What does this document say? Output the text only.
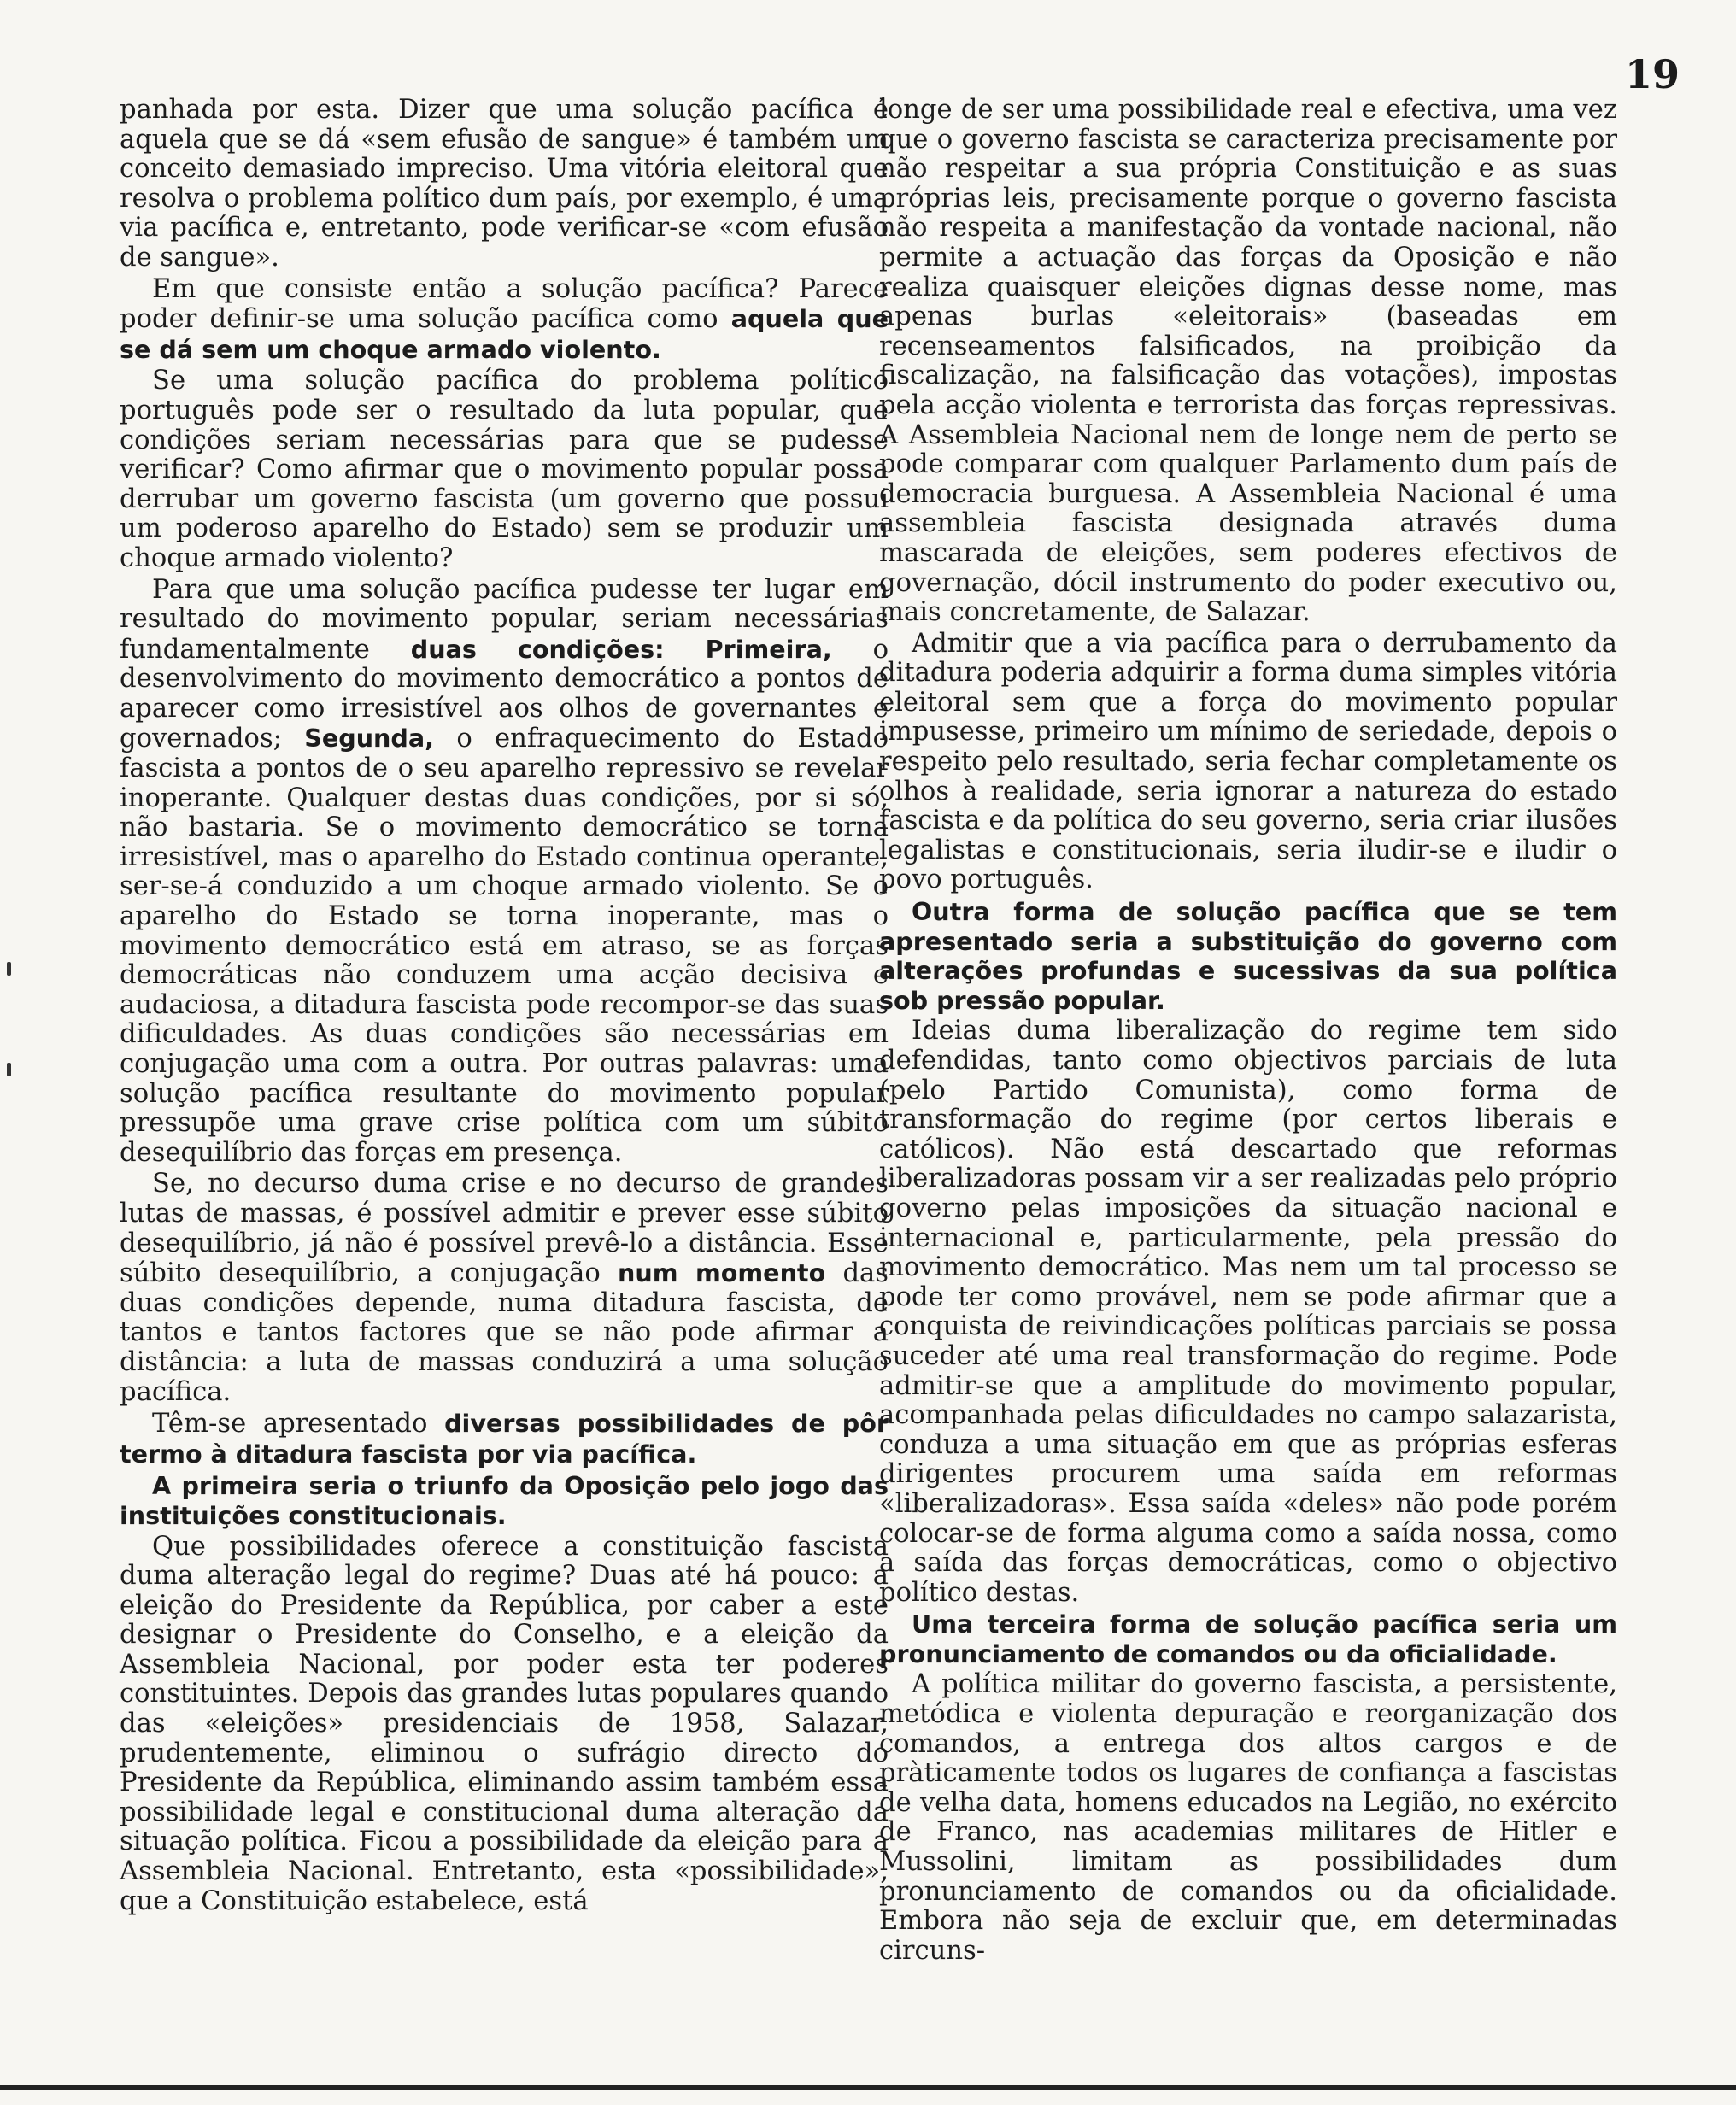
19

panhada por esta. Dizer que uma solução pacífica é aquela que se dá «sem efusão de sangue» é também um conceito demasiado impreciso. Uma vitória eleitoral que resolva o problema político dum país, por exemplo, é uma via pacífica e, entretanto, pode verificar-se «com efusão de sangue».

Em que consiste então a solução pacífica? Parece poder definir-se uma solução pacífica como aquela que se dá sem um choque armado violento.

Se uma solução pacífica do problema político português pode ser o resultado da luta popular, que condições seriam necessárias para que se pudesse verificar? Como afirmar que o movimento popular possa derrubar um governo fascista (um governo que possui um poderoso aparelho do Estado) sem se produzir um choque armado violento?

Para que uma solução pacífica pudesse ter lugar em resultado do movimento popular, seriam necessárias fundamentalmente duas condições: Primeira, o desenvolvimento do movimento democrático a pontos de aparecer como irresistível aos olhos de governantes e governados; Segunda, o enfraquecimento do Estado fascista a pontos de o seu aparelho repressivo se revelar inoperante. Qualquer destas duas condições, por si só, não bastaria. Se o movimento democrático se torna irresistível, mas o aparelho do Estado continua operante, ser-se-á conduzido a um choque armado violento. Se o aparelho do Estado se torna inoperante, mas o movimento democrático está em atraso, se as forças democráticas não conduzem uma acção decisiva e audaciosa, a ditadura fascista pode recompor-se das suas dificuldades. As duas condições são necessárias em conjugação uma com a outra. Por outras palavras: uma solução pacífica resultante do movimento popular pressupõe uma grave crise política com um súbito desequilíbrio das forças em presença.

Se, no decurso duma crise e no decurso de grandes lutas de massas, é possível admitir e prever esse súbito desequilíbrio, já não é possível prevê-lo a distância. Esse súbito desequilíbrio, a conjugação num momento das duas condições depende, numa ditadura fascista, de tantos e tantos factores que se não pode afirmar a distância: a luta de massas conduzirá a uma solução pacífica.

Têm-se apresentado diversas possibilidades de pôr termo à ditadura fascista por via pacífica.

A primeira seria o triunfo da Oposição pelo jogo das instituições constitucionais.

Que possibilidades oferece a constituição fascista duma alteração legal do regime? Duas até há pouco: a eleição do Presidente da República, por caber a este designar o Presidente do Conselho, e a eleição da Assembleia Nacional, por poder esta ter poderes constituintes. Depois das grandes lutas populares quando das «eleições» presidenciais de 1958, Salazar, prudentemente, eliminou o sufrágio directo do Presidente da República, eliminando assim também essa possibilidade legal e constitucional duma alteração da situação política. Ficou a possibilidade da eleição para a Assembleia Nacional. Entretanto, esta «possibilidade», que a Constituição estabelece, está

longe de ser uma possibilidade real e efectiva, uma vez que o governo fascista se caracteriza precisamente por não respeitar a sua própria Constituição e as suas próprias leis, precisamente porque o governo fascista não respeita a manifestação da vontade nacional, não permite a actuação das forças da Oposição e não realiza quaisquer eleições dignas desse nome, mas apenas burlas «eleitorais» (baseadas em recenseamentos falsificados, na proibição da fiscalização, na falsificação das votações), impostas pela acção violenta e terrorista das forças repressivas. A Assembleia Nacional nem de longe nem de perto se pode comparar com qualquer Parlamento dum país de democracia burguesa. A Assembleia Nacional é uma assembleia fascista designada através duma mascarada de eleições, sem poderes efectivos de governação, dócil instrumento do poder executivo ou, mais concretamente, de Salazar.

Admitir que a via pacífica para o derrubamento da ditadura poderia adquirir a forma duma simples vitória eleitoral sem que a força do movimento popular impusesse, primeiro um mínimo de seriedade, depois o respeito pelo resultado, seria fechar completamente os olhos à realidade, seria ignorar a natureza do estado fascista e da política do seu governo, seria criar ilusões legalistas e constitucionais, seria iludir-se e iludir o povo português.

Outra forma de solução pacífica que se tem apresentado seria a substituição do governo com alterações profundas e sucessivas da sua política sob pressão popular.

Ideias duma liberalização do regime tem sido defendidas, tanto como objectivos parciais de luta (pelo Partido Comunista), como forma de transformação do regime (por certos liberais e católicos). Não está descartado que reformas liberalizadoras possam vir a ser realizadas pelo próprio governo pelas imposições da situação nacional e internacional e, particularmente, pela pressão do movimento democrático. Mas nem um tal processo se pode ter como provável, nem se pode afirmar que a conquista de reivindicações políticas parciais se possa suceder até uma real transformação do regime. Pode admitir-se que a amplitude do movimento popular, acompanhada pelas dificuldades no campo salazarista, conduza a uma situação em que as próprias esferas dirigentes procurem uma saída em reformas «liberalizadoras». Essa saída «deles» não pode porém colocar-se de forma alguma como a saída nossa, como a saída das forças democráticas, como o objectivo político destas.

Uma terceira forma de solução pacífica seria um pronunciamento de comandos ou da oficialidade.

A política militar do governo fascista, a persistente, metódica e violenta depuração e reorganização dos comandos, a entrega dos altos cargos e de pràticamente todos os lugares de confiança a fascistas de velha data, homens educados na Legião, no exército de Franco, nas academias militares de Hitler e Mussolini, limitam as possibilidades dum pronunciamento de comandos ou da oficialidade. Embora não seja de excluir que, em determinadas circuns-
